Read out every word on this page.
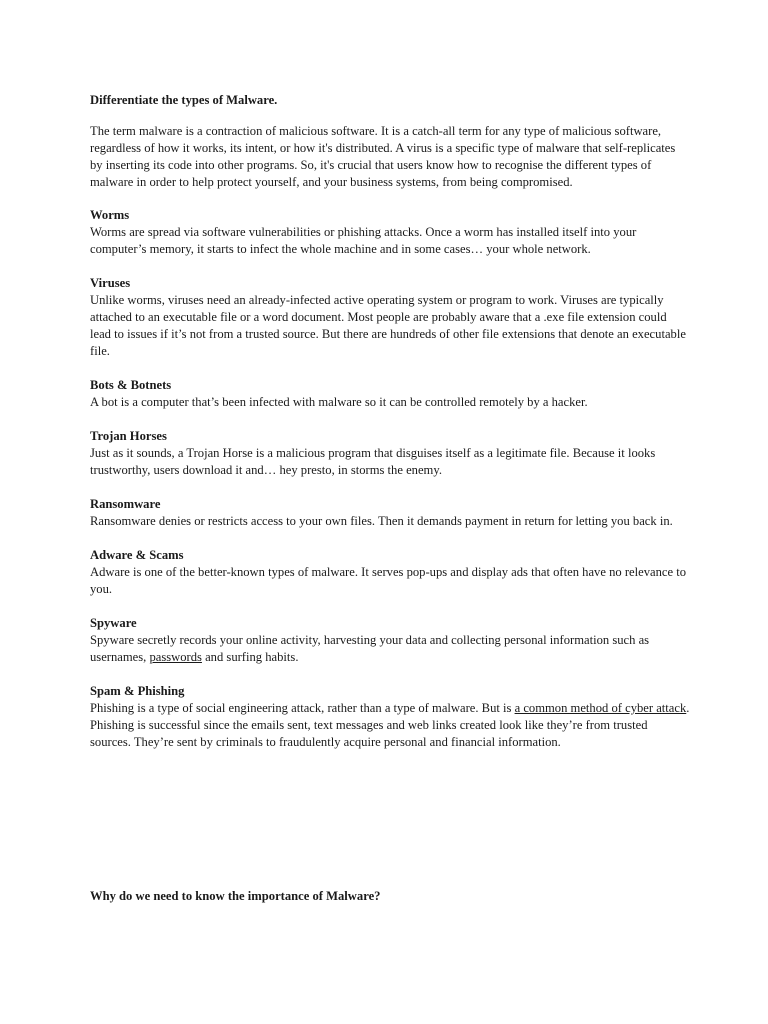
Differentiate the types of Malware.

The term malware is a contraction of malicious software. It is a catch-all term for any type of malicious software, regardless of how it works, its intent, or how it's distributed. A virus is a specific type of malware that self-replicates by inserting its code into other programs. So, it's crucial that users know how to recognise the different types of malware in order to help protect yourself, and your business systems, from being compromised.

Worms

Worms are spread via software vulnerabilities or phishing attacks. Once a worm has installed itself into your computer’s memory, it starts to infect the whole machine and in some cases… your whole network.

Viruses

Unlike worms, viruses need an already-infected active operating system or program to work. Viruses are typically attached to an executable file or a word document. Most people are probably aware that a .exe file extension could lead to issues if it’s not from a trusted source. But there are hundreds of other file extensions that denote an executable file.

Bots & Botnets

A bot is a computer that’s been infected with malware so it can be controlled remotely by a hacker.

Trojan Horses

Just as it sounds, a Trojan Horse is a malicious program that disguises itself as a legitimate file. Because it looks trustworthy, users download it and… hey presto, in storms the enemy.

Ransomware

Ransomware denies or restricts access to your own files. Then it demands payment in return for letting you back in.

Adware & Scams

Adware is one of the better-known types of malware. It serves pop-ups and display ads that often have no relevance to you.

Spyware

Spyware secretly records your online activity, harvesting your data and collecting personal information such as usernames, passwords and surfing habits.

Spam & Phishing

Phishing is a type of social engineering attack, rather than a type of malware. But is a common method of cyber attack. Phishing is successful since the emails sent, text messages and web links created look like they’re from trusted sources. They’re sent by criminals to fraudulently acquire personal and financial information.

Why do we need to know the importance of Malware?
